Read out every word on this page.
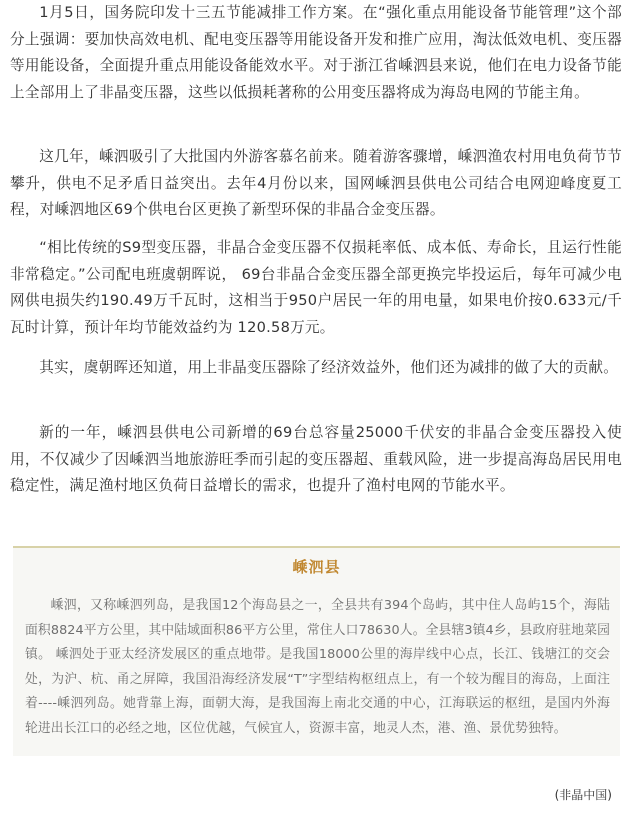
1月5日，国务院印发十三五节能减排工作方案。在“强化重点用能设备节能管理”这个部分上强调：要加快高效电机、配电变压器等用能设备开发和推广应用，淘汰低效电机、变压器等用能设备，全面提升重点用能设备能效水平。对于浙江省嵊泗县来说，他们在电力设备节能上全部用上了非晶变压器，这些以低损耗著称的公用变压器将成为海岛电网的节能主角。

这几年，嵊泗吸引了大批国内外游客慕名前来。随着游客骤增，嵊泗渔农村用电负荷节节攀升，供电不足矛盾日益突出。去年4月份以来，国网嵊泗县供电公司结合电网迎峰度夏工程，对嵊泗地区69个供电台区更换了新型环保的非晶合金变压器。

“相比传统的S9型变压器，非晶合金变压器不仅损耗率低、成本低、寿命长，且运行性能非常稳定。”公司配电班虞朝晖说， 69台非晶合金变压器全部更换完毕投运后，每年可减少电网供电损失约190.49万千瓦时，这相当于950户居民一年的用电量，如果电价按0.633元/千瓦时计算，预计年均节能效益约为 120.58万元。

其实，虞朝晖还知道，用上非晶变压器除了经济效益外，他们还为减排的做了大的贡献。

新的一年，嵊泗县供电公司新增的69台总容量25000千伏安的非晶合金变压器投入使用，不仅减少了因嵊泗当地旅游旺季而引起的变压器超、重载风险，进一步提高海岛居民用电稳定性，满足渔村地区负荷日益增长的需求，也提升了渔村电网的节能水平。

嵊泗县

嵊泗，又称嵊泗列岛，是我国12个海岛县之一，全县共有394个岛屿，其中住人岛屿15个，海陆面积8824平方公里，其中陆域面积86平方公里，常住人口78630人。全县辖3镇4乡，县政府驻地菜园镇。 嵊泗处于亚太经济发展区的重点地带。是我国18000公里的海岸线中心点，长江、钱塘江的交会处，为沪、杭、甬之屏障，我国沿海经济发展“T”字型结构枢纽点上，有一个较为醒目的海岛，上面注着----嵊泗列岛。她背靠上海，面朝大海，是我国海上南北交通的中心，江海联运的枢纽，是国内外海轮进出长江口的必经之地，区位优越，气候宜人，资源丰富，地灵人杰，港、渔、景优势独特。

(非晶中国)
